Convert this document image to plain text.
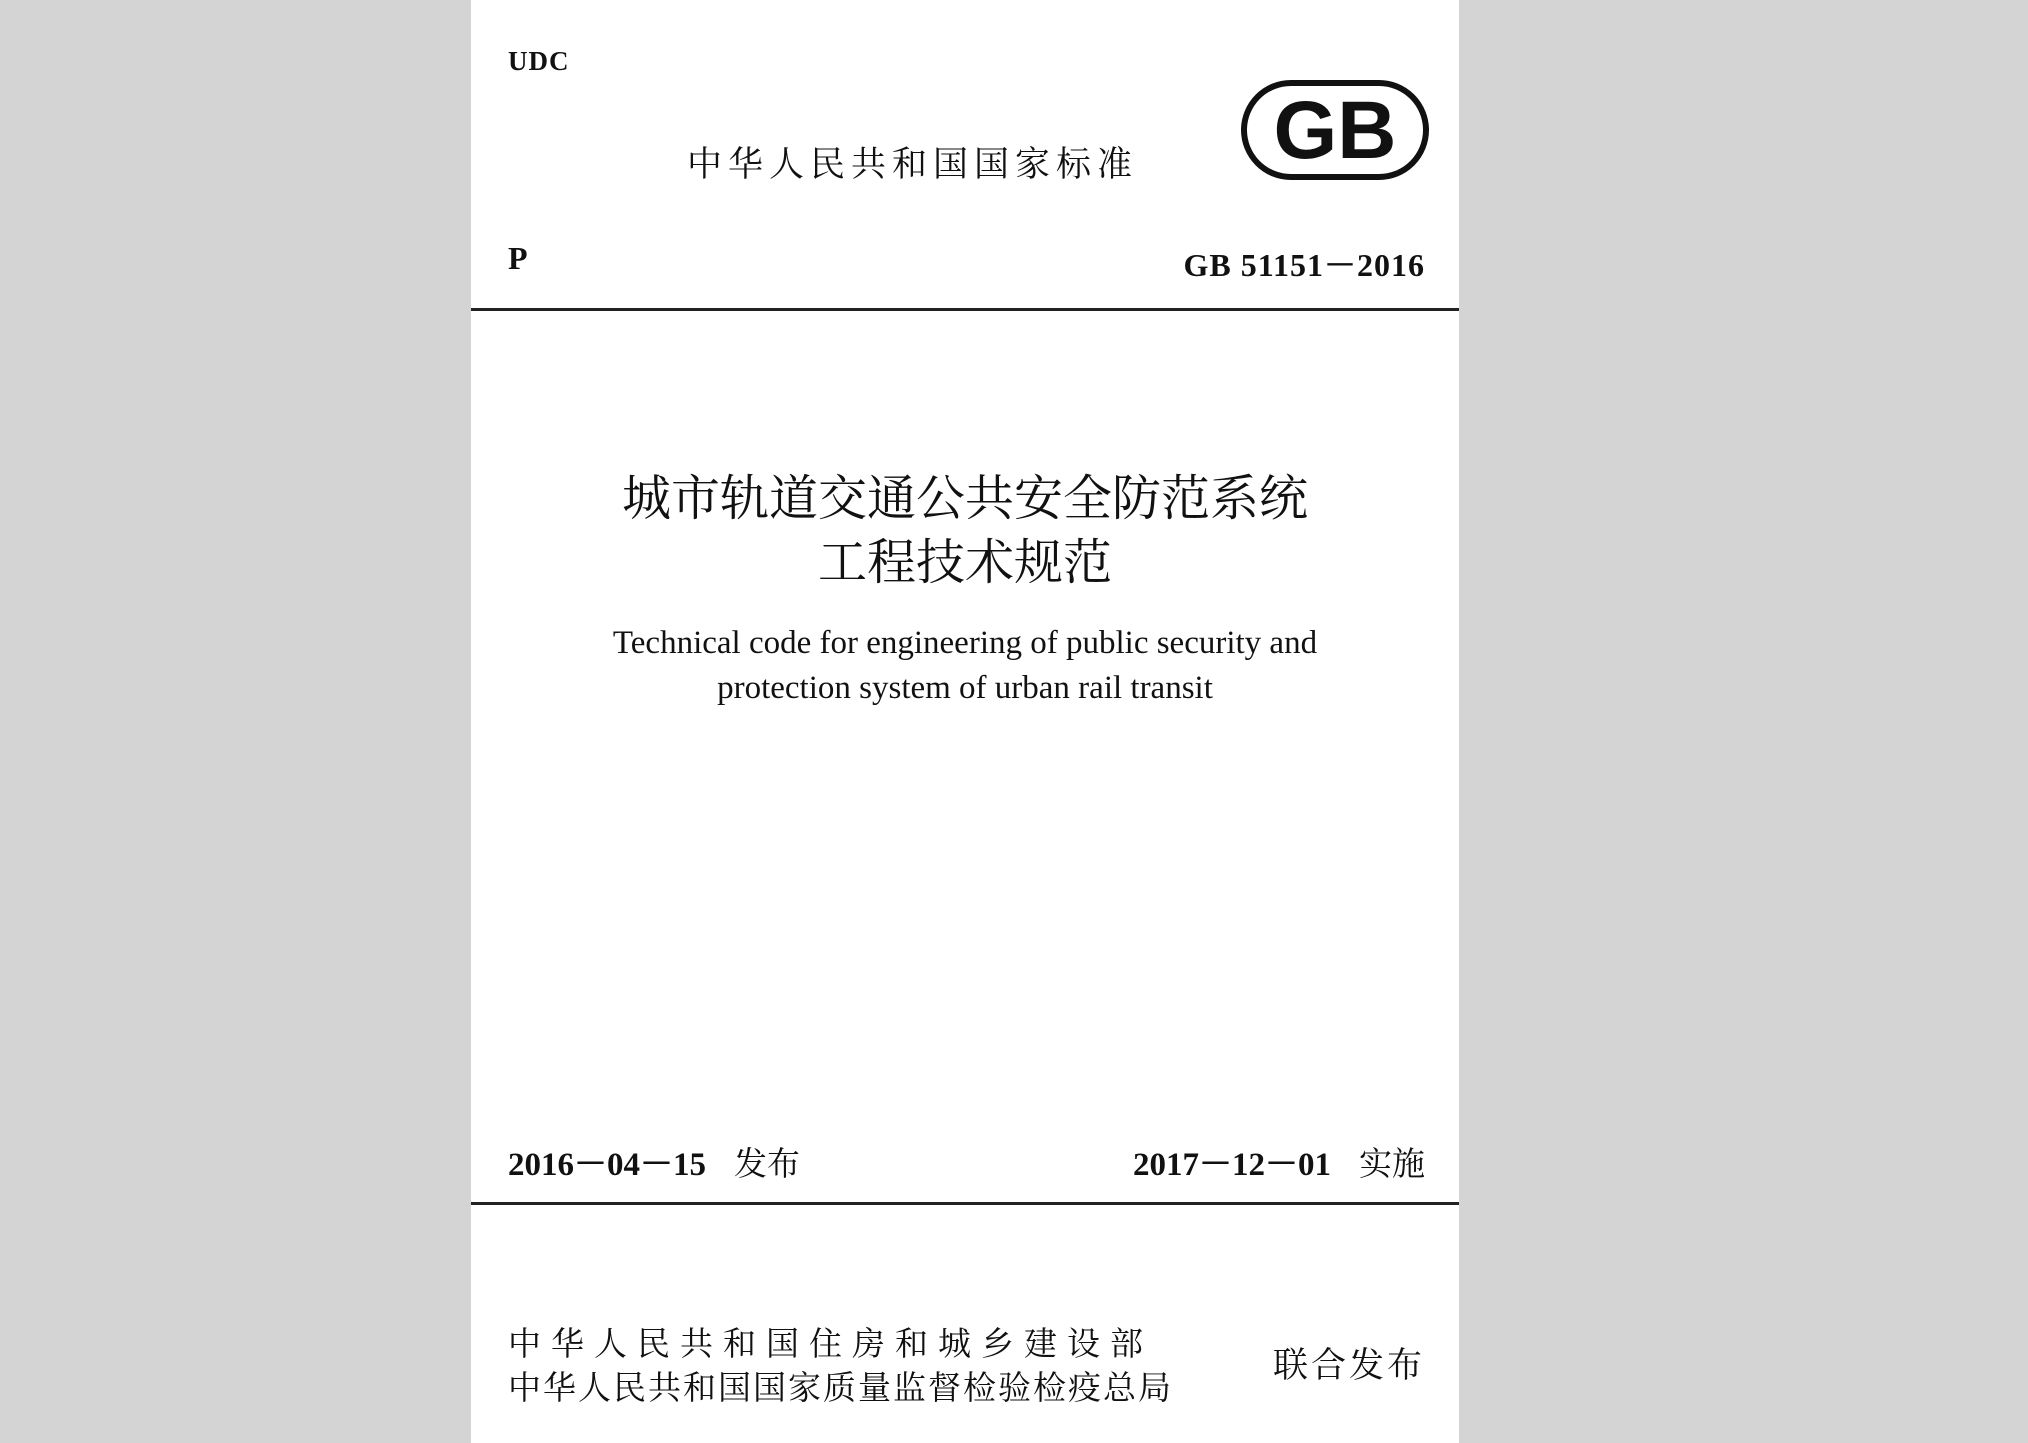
UDC
中华人民共和国国家标准 GB
P	GB 51151－2016
城市轨道交通公共安全防范系统
工程技术规范
Technical code for engineering of public security and
protection system of urban rail transit
2016－04－15 发布	2017－12－01 实施
中华人民共和国住房和城乡建设部
中华人民共和国国家质量监督检验检疫总局
联合发布
